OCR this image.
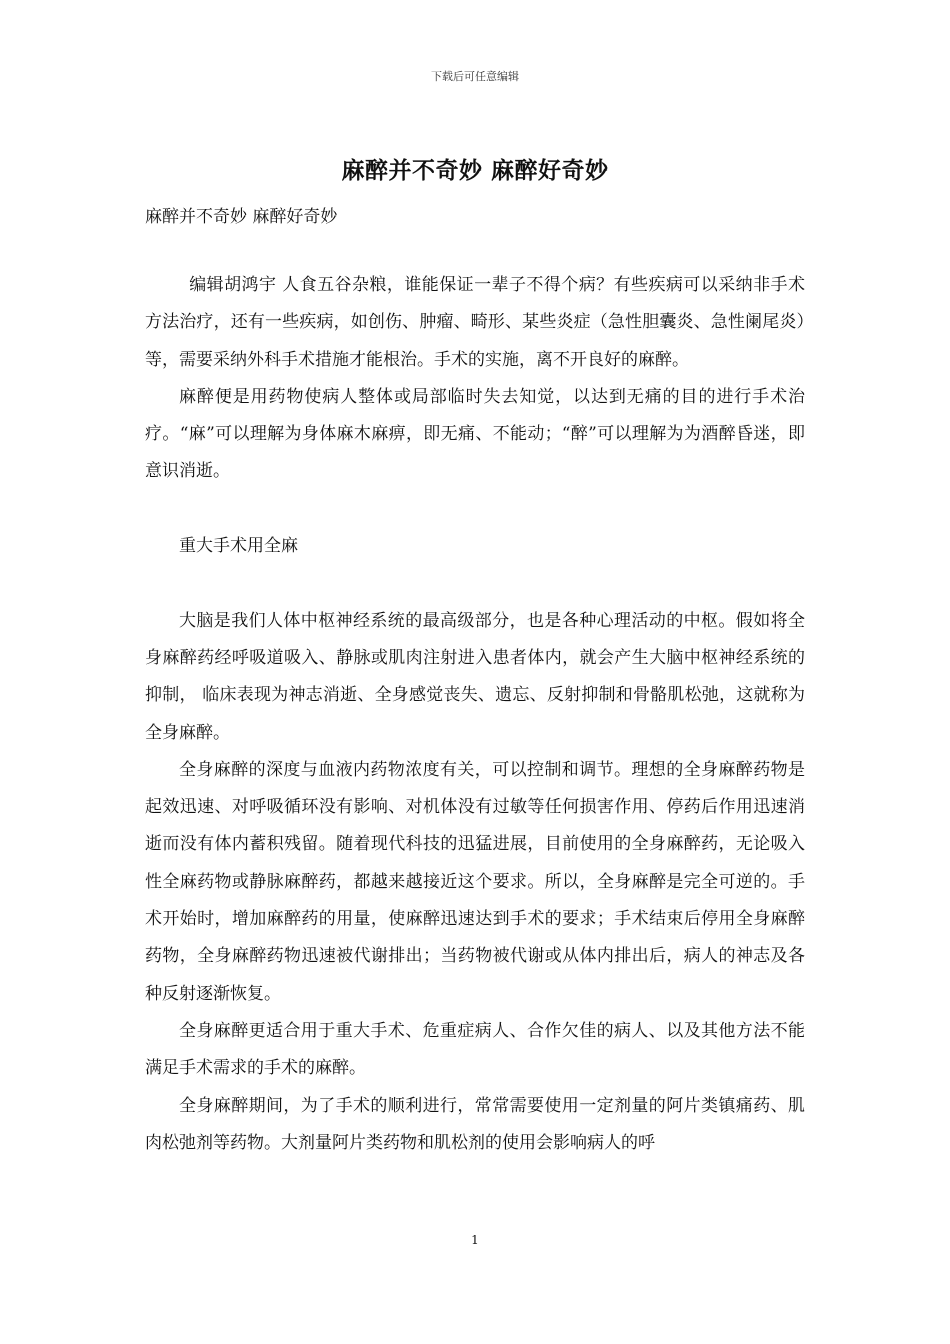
下载后可任意编辑
麻醉并不奇妙 麻醉好奇妙
麻醉并不奇妙 麻醉好奇妙

编辑胡鸿宇 人食五谷杂粮，谁能保证一辈子不得个病？有些疾病可以采纳非手术方法治疗，还有一些疾病，如创伤、肿瘤、畸形、某些炎症（急性胆囊炎、急性阑尾炎）等，需要采纳外科手术措施才能根治。手术的实施，离不开良好的麻醉。

麻醉便是用药物使病人整体或局部临时失去知觉，以达到无痛的目的进行手术治疗。“麻”可以理解为身体麻木麻痹，即无痛、不能动；“醉”可以理解为为酒醉昏迷，即意识消逝。

重大手术用全麻

大脑是我们人体中枢神经系统的最高级部分，也是各种心理活动的中枢。假如将全身麻醉药经呼吸道吸入、静脉或肌肉注射进入患者体内，就会产生大脑中枢神经系统的抑制， 临床表现为神志消逝、全身感觉丧失、遗忘、反射抑制和骨骼肌松弛，这就称为全身麻醉。

全身麻醉的深度与血液内药物浓度有关，可以控制和调节。理想的全身麻醉药物是起效迅速、对呼吸循环没有影响、对机体没有过敏等任何损害作用、停药后作用迅速消逝而没有体内蓄积残留。随着现代科技的迅猛进展，目前使用的全身麻醉药，无论吸入性全麻药物或静脉麻醉药，都越来越接近这个要求。所以，全身麻醉是完全可逆的。手术开始时，增加麻醉药的用量，使麻醉迅速达到手术的要求；手术结束后停用全身麻醉药物，全身麻醉药物迅速被代谢排出；当药物被代谢或从体内排出后，病人的神志及各种反射逐渐恢复。

全身麻醉更适合用于重大手术、危重症病人、合作欠佳的病人、以及其他方法不能满足手术需求的手术的麻醉。

全身麻醉期间，为了手术的顺利进行，常常需要使用一定剂量的阿片类镇痛药、肌肉松弛剂等药物。大剂量阿片类药物和肌松剂的使用会影响病人的呼

1
